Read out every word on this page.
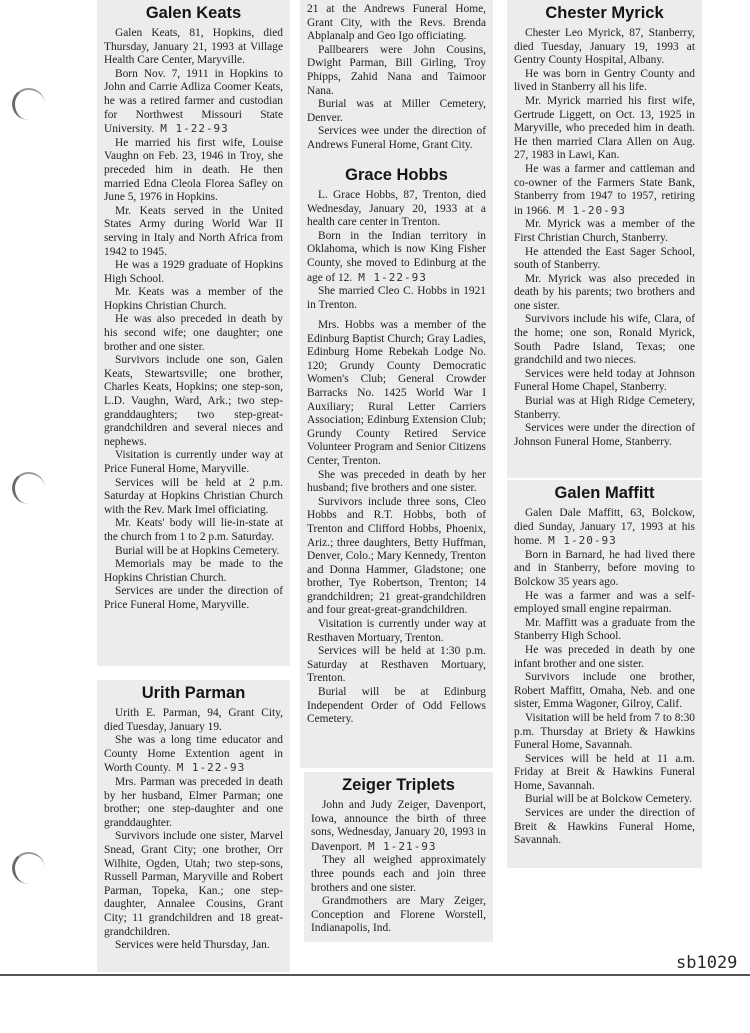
Galen Keats

Galen Keats, 81, Hopkins, died Thursday, January 21, 1993 at Village Health Care Center, Maryville.

Born Nov. 7, 1911 in Hopkins to John and Carrie Adliza Coomer Keats, he was a retired farmer and custodian for Northwest Missouri State University. M 1-22-93

He married his first wife, Louise Vaughn on Feb. 23, 1946 in Troy, she preceded him in death. He then married Edna Cleola Florea Safley on June 5, 1976 in Hopkins.

Mr. Keats served in the United States Army during World War II serving in Italy and North Africa from 1942 to 1945.

He was a 1929 graduate of Hopkins High School.

Mr. Keats was a member of the Hopkins Christian Church.

He was also preceded in death by his second wife; one daughter; one brother and one sister.

Survivors include one son, Galen Keats, Stewartsville; one brother, Charles Keats, Hopkins; one step-son, L.D. Vaughn, Ward, Ark.; two step-granddaughters; two step-great-grandchildren and several nieces and nephews.

Visitation is currently under way at Price Funeral Home, Maryville.

Services will be held at 2 p.m. Saturday at Hopkins Christian Church with the Rev. Mark Imel officiating.

Mr. Keats' body will lie-in-state at the church from 1 to 2 p.m. Saturday.

Burial will be at Hopkins Cemetery.

Memorials may be made to the Hopkins Christian Church.

Services are under the direction of Price Funeral Home, Maryville.

Urith Parman

Urith E. Parman, 94, Grant City, died Tuesday, January 19.

She was a long time educator and County Home Extention agent in Worth County. M 1-22-93

Mrs. Parman was preceded in death by her husband, Elmer Parman; one brother; one step-daughter and one granddaughter.

Survivors include one sister, Marvel Snead, Grant City; one brother, Orr Wilhite, Ogden, Utah; two step-sons, Russell Parman, Maryville and Robert Parman, Topeka, Kan.; one step-daughter, Annalee Cousins, Grant City; 11 grandchildren and 18 great-grandchildren.

Services were held Thursday, Jan.

21 at the Andrews Funeral Home, Grant City, with the Revs. Brenda Abplanalp and Geo Igo officiating.

Pallbearers were John Cousins, Dwight Parman, Bill Girling, Troy Phipps, Zahid Nana and Taimoor Nana.

Burial was at Miller Cemetery, Denver.

Services wee under the direction of Andrews Funeral Home, Grant City.

Grace Hobbs

L. Grace Hobbs, 87, Trenton, died Wednesday, January 20, 1933 at a health care center in Trenton.

Born in the Indian territory in Oklahoma, which is now King Fisher County, she moved to Edinburg at the age of 12. M 1-22-93

She married Cleo C. Hobbs in 1921 in Trenton.

Mrs. Hobbs was a member of the Edinburg Baptist Church; Gray Ladies, Edinburg Home Rebekah Lodge No. 120; Grundy County Democratic Women's Club; General Crowder Barracks No. 1425 World War I Auxiliary; Rural Letter Carriers Association; Edinburg Extension Club; Grundy County Retired Service Volunteer Program and Senior Citizens Center, Trenton.

She was preceded in death by her husband; five brothers and one sister.

Survivors include three sons, Cleo Hobbs and R.T. Hobbs, both of Trenton and Clifford Hobbs, Phoenix, Ariz.; three daughters, Betty Huffman, Denver, Colo.; Mary Kennedy, Trenton and Donna Hammer, Gladstone; one brother, Tye Robertson, Trenton; 14 grandchildren; 21 great-grandchildren and four great-great-grandchildren.

Visitation is currently under way at Resthaven Mortuary, Trenton.

Services will be held at 1:30 p.m. Saturday at Resthaven Mortuary, Trenton.

Burial will be at Edinburg Independent Order of Odd Fellows Cemetery.

Zeiger Triplets

John and Judy Zeiger, Davenport, Iowa, announce the birth of three sons, Wednesday, January 20, 1993 in Davenport. M 1-21-93

They all weighed approximately three pounds each and join three brothers and one sister.

Grandmothers are Mary Zeiger, Conception and Florene Worstell, Indianapolis, Ind.

Chester Myrick

Chester Leo Myrick, 87, Stanberry, died Tuesday, January 19, 1993 at Gentry County Hospital, Albany.

He was born in Gentry County and lived in Stanberry all his life.

Mr. Myrick married his first wife, Gertrude Liggett, on Oct. 13, 1925 in Maryville, who preceded him in death. He then married Clara Allen on Aug. 27, 1983 in Lawi, Kan.

He was a farmer and cattleman and co-owner of the Farmers State Bank, Stanberry from 1947 to 1957, retiring in 1966. M 1-20-93

Mr. Myrick was a member of the First Christian Church, Stanberry.

He attended the East Sager School, south of Stanberry.

Mr. Myrick was also preceded in death by his parents; two brothers and one sister.

Survivors include his wife, Clara, of the home; one son, Ronald Myrick, South Padre Island, Texas; one grandchild and two nieces.

Services were held today at Johnson Funeral Home Chapel, Stanberry.

Burial was at High Ridge Cemetery, Stanberry.

Services were under the direction of Johnson Funeral Home, Stanberry.

Galen Maffitt

Galen Dale Maffitt, 63, Bolckow, died Sunday, January 17, 1993 at his home. M 1-20-93

Born in Barnard, he had lived there and in Stanberry, before moving to Bolckow 35 years ago.

He was a farmer and was a self-employed small engine repairman.

Mr. Maffitt was a graduate from the Stanberry High School.

He was preceded in death by one infant brother and one sister.

Survivors include one brother, Robert Maffitt, Omaha, Neb. and one sister, Emma Wagoner, Gilroy, Calif.

Visitation will be held from 7 to 8:30 p.m. Thursday at Briety & Hawkins Funeral Home, Savannah.

Services will be held at 11 a.m. Friday at Breit & Hawkins Funeral Home, Savannah.

Burial will be at Bolckow Cemetery.

Services are under the direction of Breit & Hawkins Funeral Home, Savannah.

sb1029
